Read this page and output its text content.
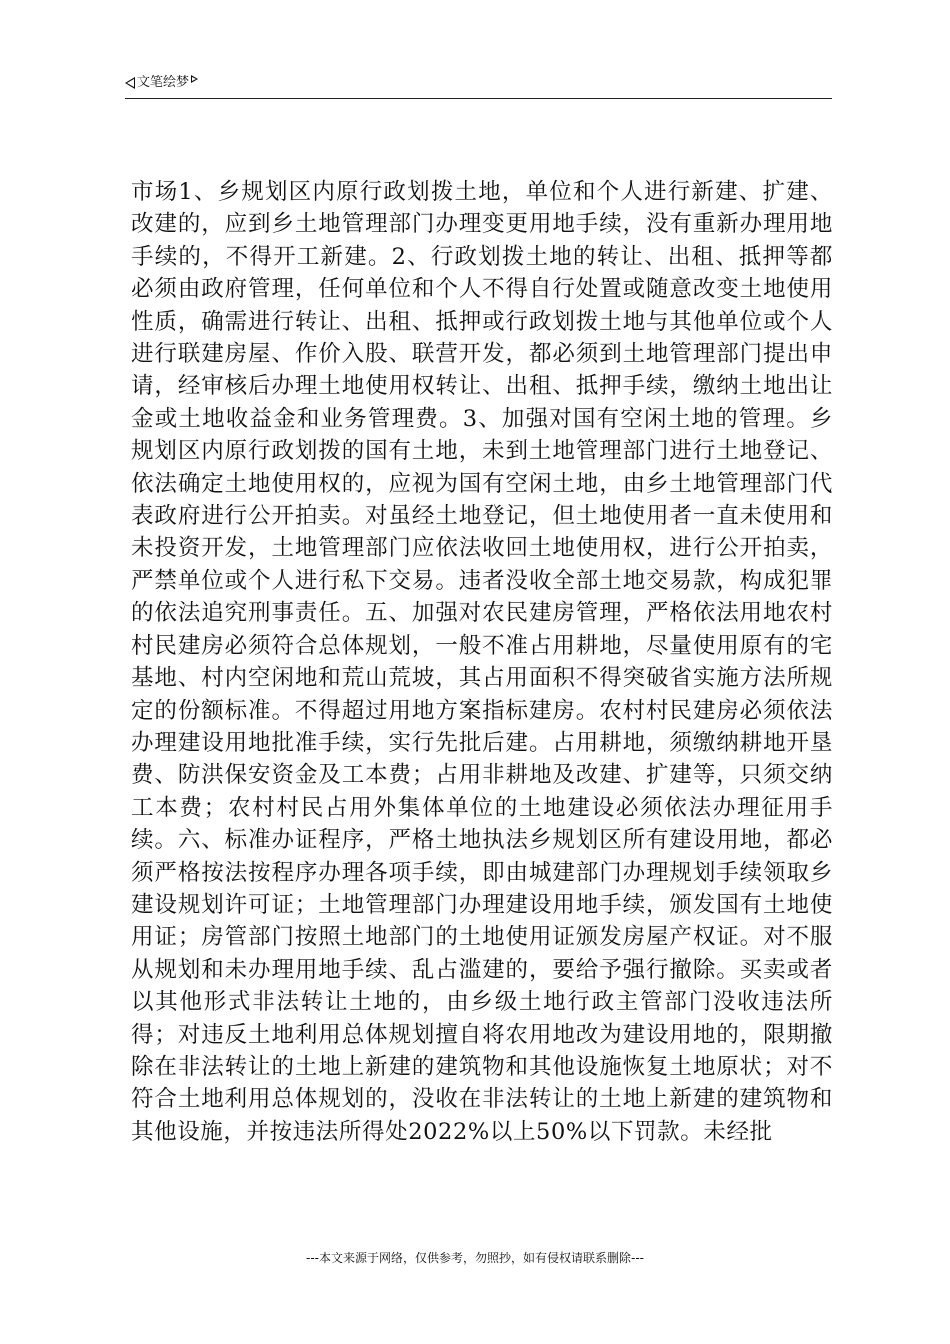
文笔绘梦

市场1、乡规划区内原行政划拨土地，单位和个人进行新建、扩建、改建的，应到乡土地管理部门办理变更用地手续，没有重新办理用地手续的，不得开工新建。2、行政划拨土地的转让、出租、抵押等都必须由政府管理，任何单位和个人不得自行处置或随意改变土地使用性质，确需进行转让、出租、抵押或行政划拨土地与其他单位或个人进行联建房屋、作价入股、联营开发，都必须到土地管理部门提出申请，经审核后办理土地使用权转让、出租、抵押手续，缴纳土地出让金或土地收益金和业务管理费。3、加强对国有空闲土地的管理。乡规划区内原行政划拨的国有土地，未到土地管理部门进行土地登记、依法确定土地使用权的，应视为国有空闲土地，由乡土地管理部门代表政府进行公开拍卖。对虽经土地登记，但土地使用者一直未使用和未投资开发，土地管理部门应依法收回土地使用权，进行公开拍卖，严禁单位或个人进行私下交易。违者没收全部土地交易款，构成犯罪的依法追究刑事责任。五、加强对农民建房管理，严格依法用地农村村民建房必须符合总体规划，一般不准占用耕地，尽量使用原有的宅基地、村内空闲地和荒山荒坡，其占用面积不得突破省实施方法所规定的份额标准。不得超过用地方案指标建房。农村村民建房必须依法办理建设用地批准手续，实行先批后建。占用耕地，须缴纳耕地开垦费、防洪保安资金及工本费；占用非耕地及改建、扩建等，只须交纳工本费；农村村民占用外集体单位的土地建设必须依法办理征用手续。六、标准办证程序，严格土地执法乡规划区所有建设用地，都必须严格按法按程序办理各项手续，即由城建部门办理规划手续领取乡建设规划许可证；土地管理部门办理建设用地手续，颁发国有土地使用证；房管部门按照土地部门的土地使用证颁发房屋产权证。对不服从规划和未办理用地手续、乱占滥建的，要给予强行撤除。买卖或者以其他形式非法转让土地的，由乡级土地行政主管部门没收违法所得；对违反土地利用总体规划擅自将农用地改为建设用地的，限期撤除在非法转让的土地上新建的建筑物和其他设施恢复土地原状；对不符合土地利用总体规划的，没收在非法转让的土地上新建的建筑物和其他设施，并按违法所得处2022%以上50%以下罚款。未经批

---本文来源于网络，仅供参考，勿照抄，如有侵权请联系删除---
